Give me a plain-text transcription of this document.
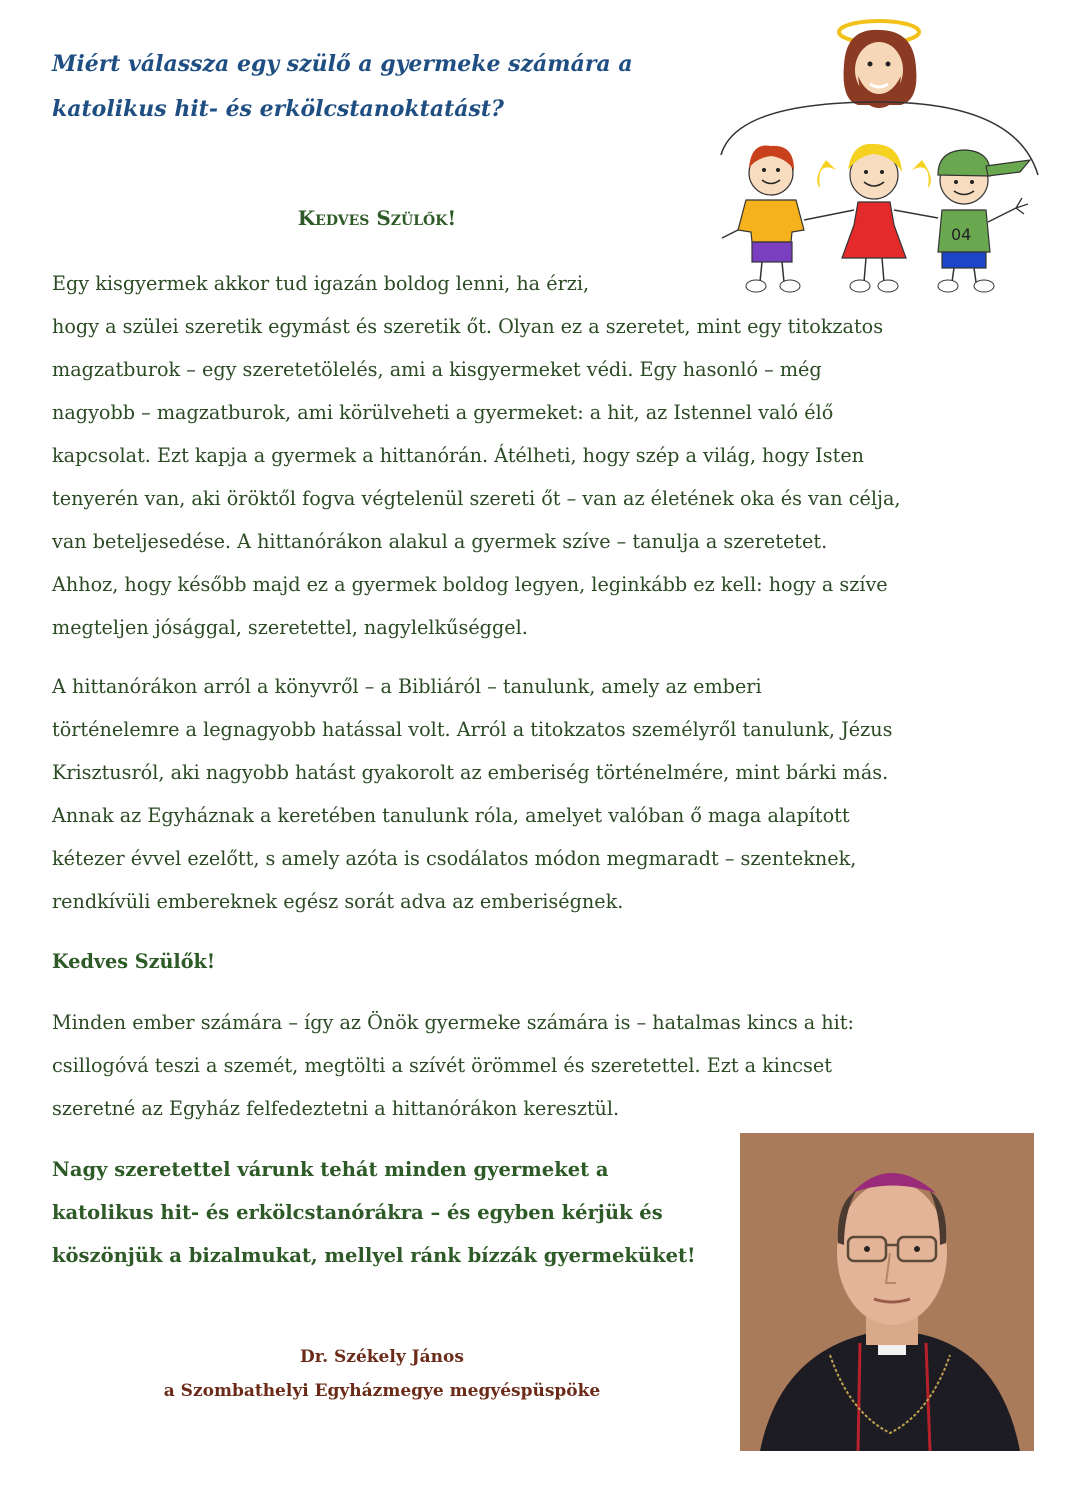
Miért válassza egy szülő a gyermeke számára a
katolikus hit- és erkölcstanoktatást?

Kedves Szülők!

Egy kisgyermek akkor tud igazán boldog lenni, ha érzi,
hogy a szülei szeretik egymást és szeretik őt. Olyan ez a szeretet, mint egy titokzatos
magzatburok – egy szeretetölelés, ami a kisgyermeket védi. Egy hasonló – még
nagyobb – magzatburok, ami körülveheti a gyermeket: a hit, az Istennel való élő
kapcsolat. Ezt kapja a gyermek a hittanórán. Átélheti, hogy szép a világ, hogy Isten
tenyerén van, aki öröktől fogva végtelenül szereti őt – van az életének oka és van célja,
van beteljesedése. A hittanórákon alakul a gyermek szíve – tanulja a szeretetet.
Ahhoz, hogy később majd ez a gyermek boldog legyen, leginkább ez kell: hogy a szíve
megteljen jósággal, szeretettel, nagylelkűséggel.
A hittanórákon arról a könyvről – a Bibliáról – tanulunk, amely az emberi
történelemre a legnagyobb hatással volt. Arról a titokzatos személyről tanulunk, Jézus
Krisztusról, aki nagyobb hatást gyakorolt az emberiség történelmére, mint bárki más.
Annak az Egyháznak a keretében tanulunk róla, amelyet valóban ő maga alapított
kétezer évvel ezelőtt, s amely azóta is csodálatos módon megmaradt – szenteknek,
rendkívüli embereknek egész sorát adva az emberiségnek.
Kedves Szülők!
Minden ember számára – így az Önök gyermeke számára is – hatalmas kincs a hit:
csillogóvá teszi a szemét, megtölti a szívét örömmel és szeretettel. Ezt a kincset
szeretné az Egyház felfedeztetni a hittanórákon keresztül.
Nagy szeretettel várunk tehát minden gyermeket a
katolikus hit- és erkölcstanórákra – és egyben kérjük és
köszönjük a bizalmukat, mellyel ránk bízzák gyermeküket!
Dr. Székely János
a Szombathelyi Egyházmegye megyéspüspöke
04
